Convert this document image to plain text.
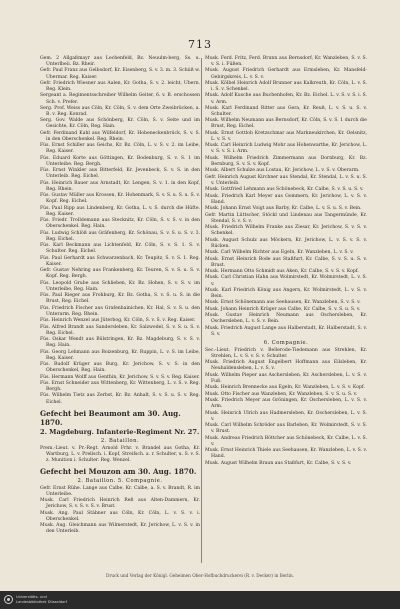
713
Gem. 2 Allgaßmayr aus Lechenfeld, Bz. Neuulm-berg, Ss. u. Unterlbeii. Bz. Rheir.
Gefr. Paul Franz aus Gelbsdorf, Kr. Eisenberg, S. v. 3. m. 3. Schiiß w. Ubermar. Reg. Kaiser.
Gefr. Friedrich Wiesner aus Aalen, Kr. Gotha, S. v. 2. leicht, Ubern. Reg. Klein.
Sergeant a. Regimentsschreiber Wilhelm Geiter, 6. v. B. erschossen Sch. v. Prefer.
Serg. Prof. Weiss aus Cöln, Kr. Cöln, S. v. dem Orte Zweibrücken, a. B. v. Reg. Konrad.
Serg. Gov. Walde aus Schönberg, Kr. Cöln, S. v. Seite und im Gesichte, Kr. Cöln, Reg. Hain.
Gefr. Ferdinand Kahl aus Wilfeldorf, Kr. Hoheneckenbrück, S. v. S. in den Oberschenkel. Reg. Rhein.
Füs. Ernst Schiller aus Geichs, Kr. Bz. Cöln, L. v. S. v. 2. im Leibe, Reg. Kaiser.
Füs. Eduard Korte aus Göttingen, Kr. Bodenburg, S. v. S. 1 im Unterleibe. Reg. Bergh.
Füs. Ernst Winkler aus Bitterfeld, Kr. Jevenbeck, S. v. S. in den Unterleib. Reg. Eichel.
Füs. Heinrich Bauer aus Arnstadt, Kr. Lengen, S. v. 1. in den Kopf, Reg. Rhein.
Füs. Gustav Müller aus Krossen, Kr. Hohenmark, S. v. S. u. S. u. S. v. Kopf. Reg. Eichel.
Füs. Paul Ripp aus Lindenberg, Kr. Gotha, L. v. S. durch die Hüfte. Reg. Kaiser.
Füs. Friedr. Trolldemann aus Stecknitz, Kr. Cöln, S. v. S. v. in den Oberschenkel. Reg. Hain.
Füs. Ludwig Schlöß aus Gräfenberg, Kr. Schönau, S. v. S. u. S. v. 3. Reg. Eichel.
Füs. Karl Beckmann aus Lichtenfeld, Kr. Cöln, S. v. S. 1. S. v. Schulter. Reg. Eichel.
Füs. Paul Gerhardt aus Schwarzenbach, Kr. Teupitz, S. v. S. 1. Reg. Kaiser.
Gefr. Gustav Nehring aus Frankenberg, Kr. Teuren, S. v. S. u. S. v. Kopf. Reg. Bergh.
Füs. Leopold Grube aus Schlieben, Kr. Bz. Hohen, S. v. S. v. im Unterleibe, Reg. Hain.
Füs. Paul Rieger aus Frohburg, Kr. Bz. Gotha, S. v. S. u. S. in die Brust, Reg. Eichel.
Füs. Friedrich Fischer aus Grafenhainichen, Kr. Hal, S. v. S. u. den Unterarm. Reg. Rhein.
Füs. Heinrich Wenzel aus Jüterbog, Kr. Cöln, S. v. S. v. Reg. Kaiser.
Füs. Alfred Brandt aus Sandersleben, Kr. Salzwedel, S. v. S. u. S. v. Reg. Eichel.
Füs. Oskar Wendt aus Bülstringen, Kr. Bz. Magdeburg, S. v. S. v. Reg. Hain.
Füs. Georg Lehmann aus Boizenburg, Kr. Ruppin, L. v. S. im Leibe, Reg. Kaiser.
Füs. Rudolf Krüger aus Burg, Kr. Jerichow, S. v. S. in den Oberschenkel, Reg. Hain.
Füs. Hermann Wolff aus Genthin, Kr. Jerichow, S. v. S. v. Reg. Kaiser.
Füs. Ernst Schneider aus Wittenberg, Kr. Wittenberg, L. v. S. v. Reg. Bergh.
Füs. Wilhelm Tietz aus Zerbst, Kr. Bz. Anhalt, S. v. S. u. S. v. Reg. Eichel.
Gefecht bei Beaumont am 30. Aug. 1870.
2. Magdeburg. Infanterie-Regiment Nr. 27.
2. Bataillon.
Prem.-Lieut. v. Pr.-Regt. Arnold Frhr. v. Brandel aus Gotha, Kr. Wartburg, L. v. Prellsch. i. Kopf, Streifsch. a. r. Schulter, u. S. v. S. z. Munition i. Schulter. Reg. Wenzel.
Gefecht bei Mouzon am 30. Aug. 1870.
2. Bataillon. 5. Compagnie.
Gefr. Ernst Rühe. Lange aus Calbe, Kr. Calbe, a. S. v. Brandt, R. im Unterleibe.
Musk. Carl Friedrich Heinrich Reß aus Alten-Dammern, Kr. Jerichow, S. v. S. v. S. v. Brust.
Musk. Ang. Paul Stäbner aus Cöln, Kr. Cöln, L. v. S. v. i. Oberschenkel.
Musk. Aug. Gleichmann aus Wilmerstedt, Kr. Jerichow, L. v. S. v. in den Unterleib.
Musk. Ferd. Fritz, Ferd. Brunn aus Bernsdorf, Kr. Wanzleben, S. v. S. v. S. i. Füßen.
Musk. August Friedrich Gerhardt aus Ermsleben, Kr. Mansfeld-Gebirgskreis, L. v. S. v.
Musk. Kölbel Heinrich Adolf Brunner aus Kalkreuth, Kr. Cöln, L. v. S. i. S. v. Schenkel.
Musk. Adolf Kusche aus Buchenhofen, Kr. Bz. Eichel. L. v. S. v. S. i. S. v. Arm.
Musk. Karl Ferdinand Ritter aus Gera, Kr. Reuß, L. v. S. u. S. v. Schulter.
Musk. Wilhelm Neumann aus Bernsdorf, Kr. Cöln, S. v. S. 1 durch die Brust, Reg. Eichel.
Musk. Ernst Gottlob Kretzschmar aus Markneukirchen, Kr. Oelsnitz, L. v. S. v.
Musk. Carl Heinrich Ludwig Mohr aus Hohenwarthe, Kr. Jerichow, L. v. S. v. S. i. Arm.
Musk. Wilhelm Friedrich Zimmermann aus Dornburg, Kr. Bz. Bernburg, S. v. S. v. Kopf.
Musk. Albert Schulze aus Lostau, Kr. Jerichow, L. v. S. v. Oberarm.
Gefr. Heinrich August Kirchner aus Stendal, Kr. Stendal, L. v. S. u. S. v. Unterleib.
Musk. Gottfried Lehmann aus Schönebeck, Kr. Calbe, S. v. S. u. S. v.
Musk. Friedrich Karl Meyer aus Gommern, Kr. Jerichow, L. v. S. v. Hand.
Musk. Johann Ernst Voigt aus Barby, Kr. Calbe, L. v. S. u. S. v. Bein.
Gefr. Martin Lüttscher, Stöckl und Lindenau aus Tangermünde, Kr. Stendal, S. v. S. v.
Musk. Friedrich Wilhelm Franke aus Ziesar, Kr. Jerichow, S. v. S. v. Schenkel.
Musk. August Schulz aus Möckern, Kr. Jerichow, L. v. S. v. S. v. Rücken.
Musk. Carl Wilhelm Richter aus Egeln, Kr. Wanzleben, L. v. S. v.
Musk. Ernst Heinrich Bode aus Staßfurt, Kr. Calbe, S. v. S. u. S. v. Brust.
Musk. Hermann Otto Schmidt aus Aken, Kr. Calbe, S. v. S. v. Kopf.
Musk. Carl Christian Hahn aus Wolmirstedt, Kr. Wolmirstedt, L. v. S. v.
Musk. Karl Friedrich König aus Angern, Kr. Wolmirstedt, L. v. S. v. Bein.
Musk. Ernst Schönemann aus Seehausen, Kr. Wanzleben, S. v. S. v.
Musk. Johann Heinrich Krüger aus Calbe, Kr. Calbe, S. v. S. u. S. v.
Musk. Gustav Heinrich Neumann aus Oschersleben, Kr. Oschersleben, L. v. S. v. Bein.
Musk. Friedrich August Lange aus Halberstadt, Kr. Halberstadt, S. v. S. v.
6. Compagnie.
Sec.-Lieut. Friedrich v. Bellerode-Tiedemann aus Strehlen, Kr. Strehlen, L. v. S. v. S. v. Schulter.
Musk. Friedrich August Engelbert Hoffmann aus Eilsleben, Kr. Neuhaldensleben, L. v. S. v.
Musk. Wilhelm Pieper aus Aschersleben, Kr. Aschersleben, L. v. S. v. Fuß.
Musk. Heinrich Brennecke aus Egeln, Kr. Wanzleben, L. v. S. v. Kopf.
Musk. Otto Fischer aus Wanzleben, Kr. Wanzleben, S. v. S. u. S. v.
Musk. Friedrich Meyer aus Gröningen, Kr. Oschersleben, L. v. S. v. Arm.
Musk. Heinrich Ulrich aus Hadmersleben, Kr. Oschersleben, L. v. S. v.
Musk. Carl Wilhelm Schröder aus Barleben, Kr. Wolmirstedt, S. v. S. v. Brust.
Musk. Andreas Friedrich Böttcher aus Schönebeck, Kr. Calbe, L. v. S. v.
Musk. Ernst Heinrich Thiele aus Seehausen, Kr. Wanzleben, L. v. S. v. Hand.
Musk. August Wilhelm Braun aus Staßfurt, Kr. Calbe, S. v. S. v.
Druck und Verlag der Königl. Geheimen Ober-Hofbuchdruckerei (R. v. Decker) in Berlin.
Universitäts- und
Landesbibliothek Düsseldorf
